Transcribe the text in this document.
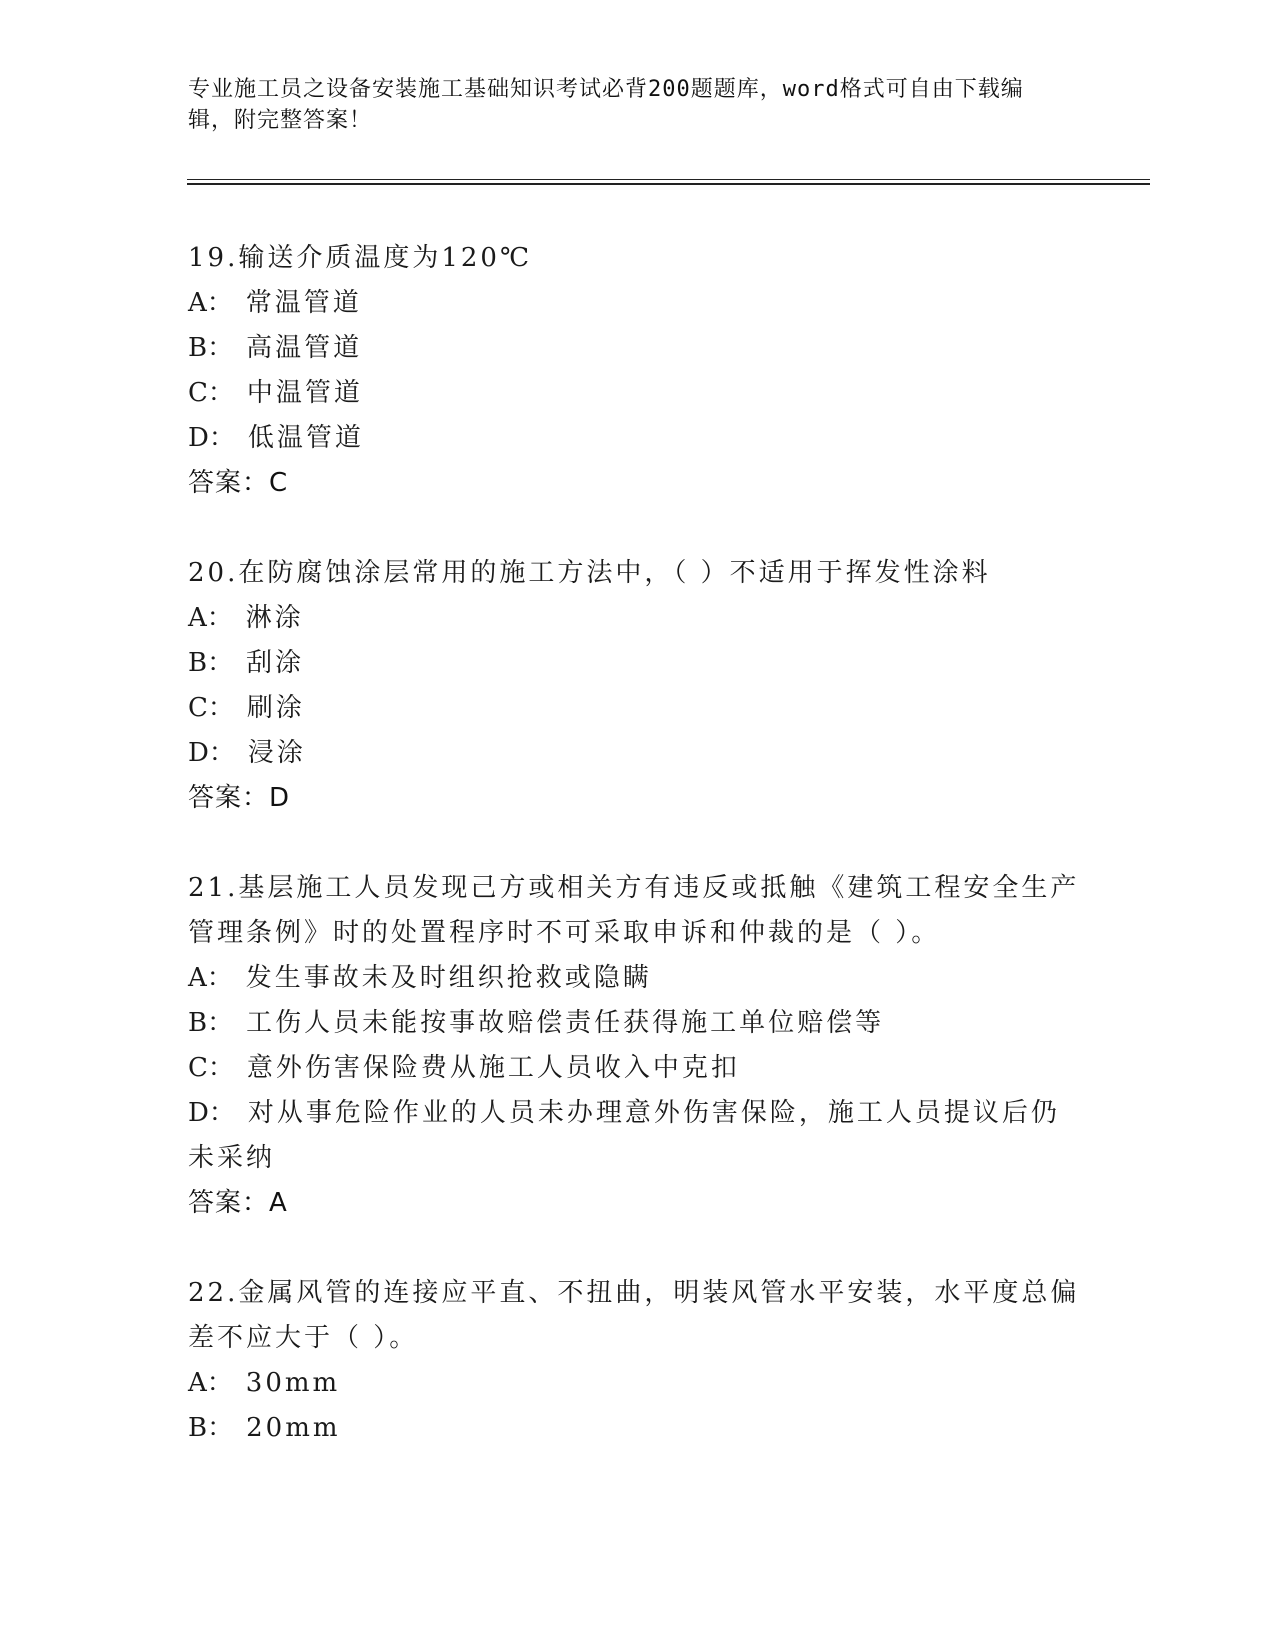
专业施工员之设备安装施工基础知识考试必背200题题库，word格式可自由下载编辑，附完整答案！
19.输送介质温度为120℃
A： 常温管道
B： 高温管道
C： 中温管道
D： 低温管道
答案：C
20.在防腐蚀涂层常用的施工方法中，（ ）不适用于挥发性涂料
A： 淋涂
B： 刮涂
C： 刷涂
D： 浸涂
答案：D
21.基层施工人员发现己方或相关方有违反或抵触《建筑工程安全生产管理条例》时的处置程序时不可采取申诉和仲裁的是（ ）。
A： 发生事故未及时组织抢救或隐瞒
B： 工伤人员未能按事故赔偿责任获得施工单位赔偿等
C： 意外伤害保险费从施工人员收入中克扣
D： 对从事危险作业的人员未办理意外伤害保险，施工人员提议后仍未采纳
答案：A
22.金属风管的连接应平直、不扭曲，明装风管水平安装，水平度总偏差不应大于（ ）。
A： 30mm
B： 20mm
